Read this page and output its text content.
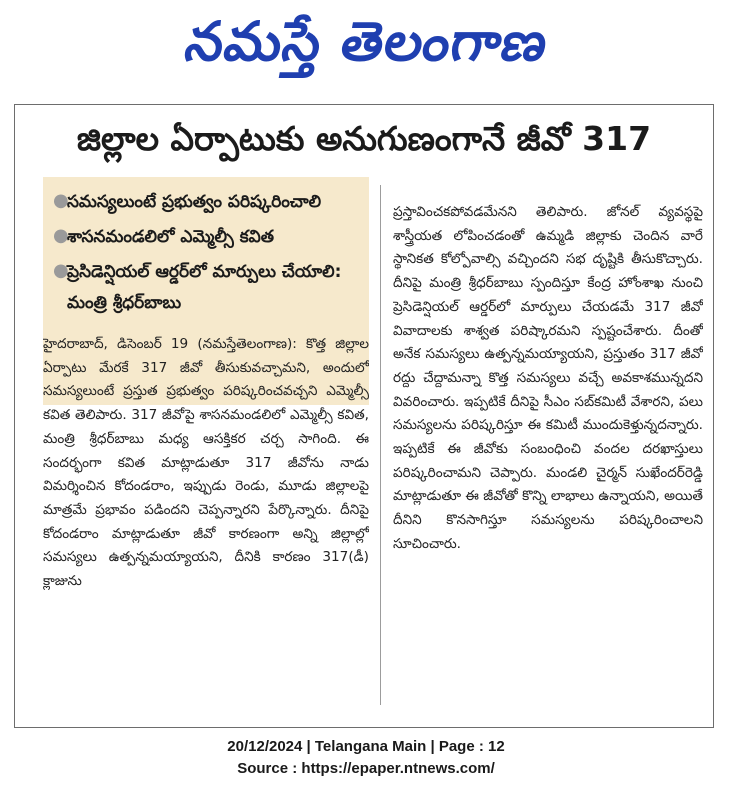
నమస్తే తెలంగాణ
జిల్లాల ఏర్పాటుకు అనుగుణంగానే జీవో 317
●
సమస్యలుంటే ప్రభుత్వం పరిష్కరించాలి
●
శాసనమండలిలో ఎమ్మెల్సీ కవిత
●
ప్రెసిడెన్షియల్ ఆర్డర్‌లో మార్పులు చేయాలి: మంత్రి శ్రీధర్‌బాబు
హైదరాబాద్, డిసెంబర్ 19 (నమస్తేతెలంగాణ): కొత్త జిల్లాల ఏర్పాటు మేరకే 317 జీవో తీసుకువచ్చామని, అందులో సమస్యలుంటే ప్రస్తుత ప్రభుత్వం పరిష్కరించవచ్చని ఎమ్మెల్సీ కవిత తెలిపారు. 317 జీవోపై శాసనమండలిలో ఎమ్మెల్సీ కవిత, మంత్రి శ్రీధర్‌బాబు మధ్య ఆసక్తికర చర్చ సాగింది. ఈ సందర్భంగా కవిత మాట్లాడుతూ 317 జీవోను నాడు విమర్శించిన కోదండరాం, ఇప్పుడు రెండు, మూడు జిల్లాలపై మాత్రమే ప్రభావం పడిందని చెప్పన్నారని పేర్కొన్నారు. దీనిపై కోదండరాం మాట్లాడుతూ జీవో కారణంగా అన్ని జిల్లాల్లో సమస్యలు ఉత్పన్నమయ్యాయని, దీనికి కారణం 317(డీ) క్లాజును
ప్రస్తావించకపోవడమేనని తెలిపారు. జోనల్ వ్యవస్థపై శాస్త్రీయత లోపించడంతో ఉమ్మడి జిల్లాకు చెందిన వారే స్థానికత కోల్పోవాల్సి వచ్చిందని సభ దృష్టికి తీసుకొచ్చారు. దీనిపై మంత్రి శ్రీధర్‌బాబు స్పందిస్తూ కేంద్ర హోంశాఖ నుంచి ప్రెసిడెన్షియల్ ఆర్డర్‌లో మార్పులు చేయడమే 317 జీవో వివాదాలకు శాశ్వత పరిష్కారమని స్పష్టంచేశారు. దీంతో అనేక సమస్యలు ఉత్పన్నమయ్యాయని, ప్రస్తుతం 317 జీవో రద్దు చేద్దామన్నా కొత్త సమస్యలు వచ్చే అవకాశమున్నదని వివరించారు. ఇప్పటికే దీనిపై సీఎం సబ్‌కమిటీ వేశారని, పలు సమస్యలను పరిష్కరిస్తూ ఈ కమిటీ ముందుకెళ్తున్నదన్నారు. ఇప్పటికే ఈ జీవోకు సంబంధించి వందల దరఖాస్తులు పరిష్కరించామని చెప్పారు. మండలి చైర్మన్ సుఖేందర్‌రెడ్డి మాట్లాడుతూ ఈ జీవోతో కొన్ని లాభాలు ఉన్నాయని, అయితే దీనిని కొనసాగిస్తూ సమస్యలను పరిష్కరించాలని సూచించారు.
20/12/2024 | Telangana Main | Page : 12
Source : https://epaper.ntnews.com/
